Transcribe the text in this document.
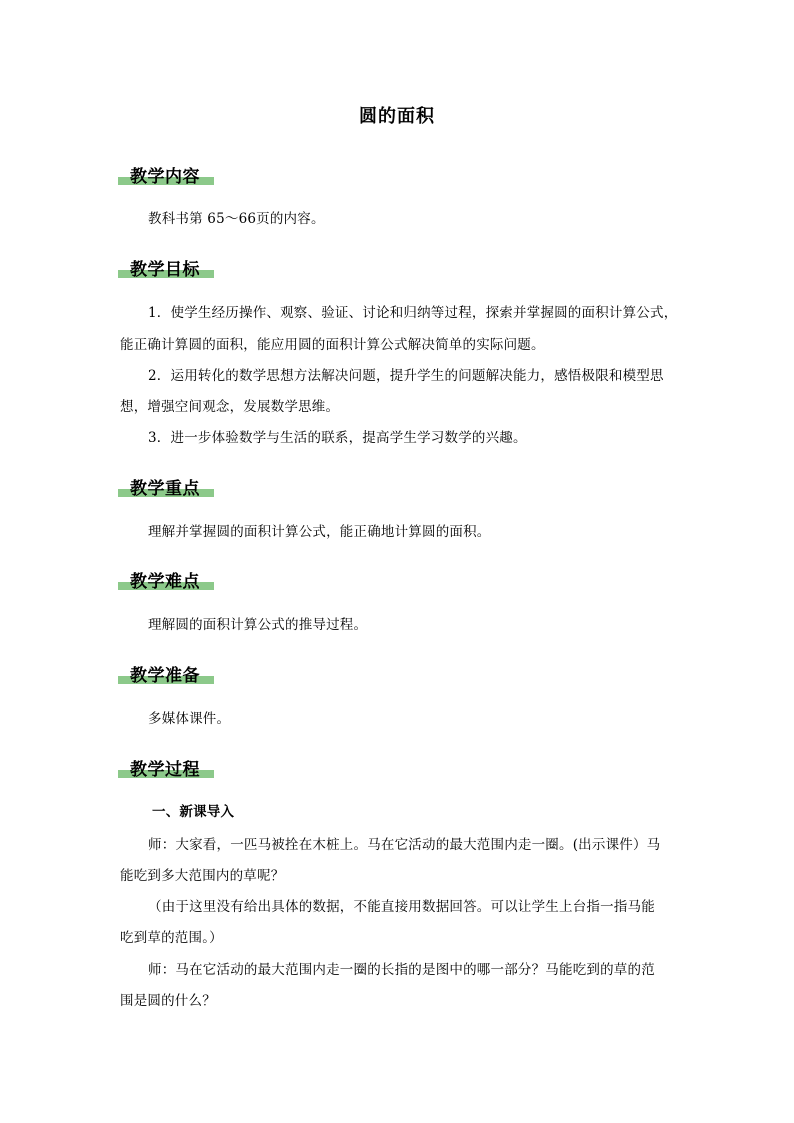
圆的面积
教学内容
教科书第 65～66页的内容。
教学目标
1．使学生经历操作、观察、验证、讨论和归纳等过程，探索并掌握圆的面积计算公式，
能正确计算圆的面积，能应用圆的面积计算公式解决简单的实际问题。
2．运用转化的数学思想方法解决问题，提升学生的问题解决能力，感悟极限和模型思
想，增强空间观念，发展数学思维。
3．进一步体验数学与生活的联系，提高学生学习数学的兴趣。
教学重点
理解并掌握圆的面积计算公式，能正确地计算圆的面积。
教学难点
理解圆的面积计算公式的推导过程。
教学准备
多媒体课件。
教学过程
一、新课导入
师：大家看，一匹马被拴在木桩上。马在它活动的最大范围内走一圈。(出示课件）马
能吃到多大范围内的草呢？
（由于这里没有给出具体的数据，不能直接用数据回答。可以让学生上台指一指马能
吃到草的范围。）
师：马在它活动的最大范围内走一圈的长指的是图中的哪一部分？马能吃到的草的范
围是圆的什么？
